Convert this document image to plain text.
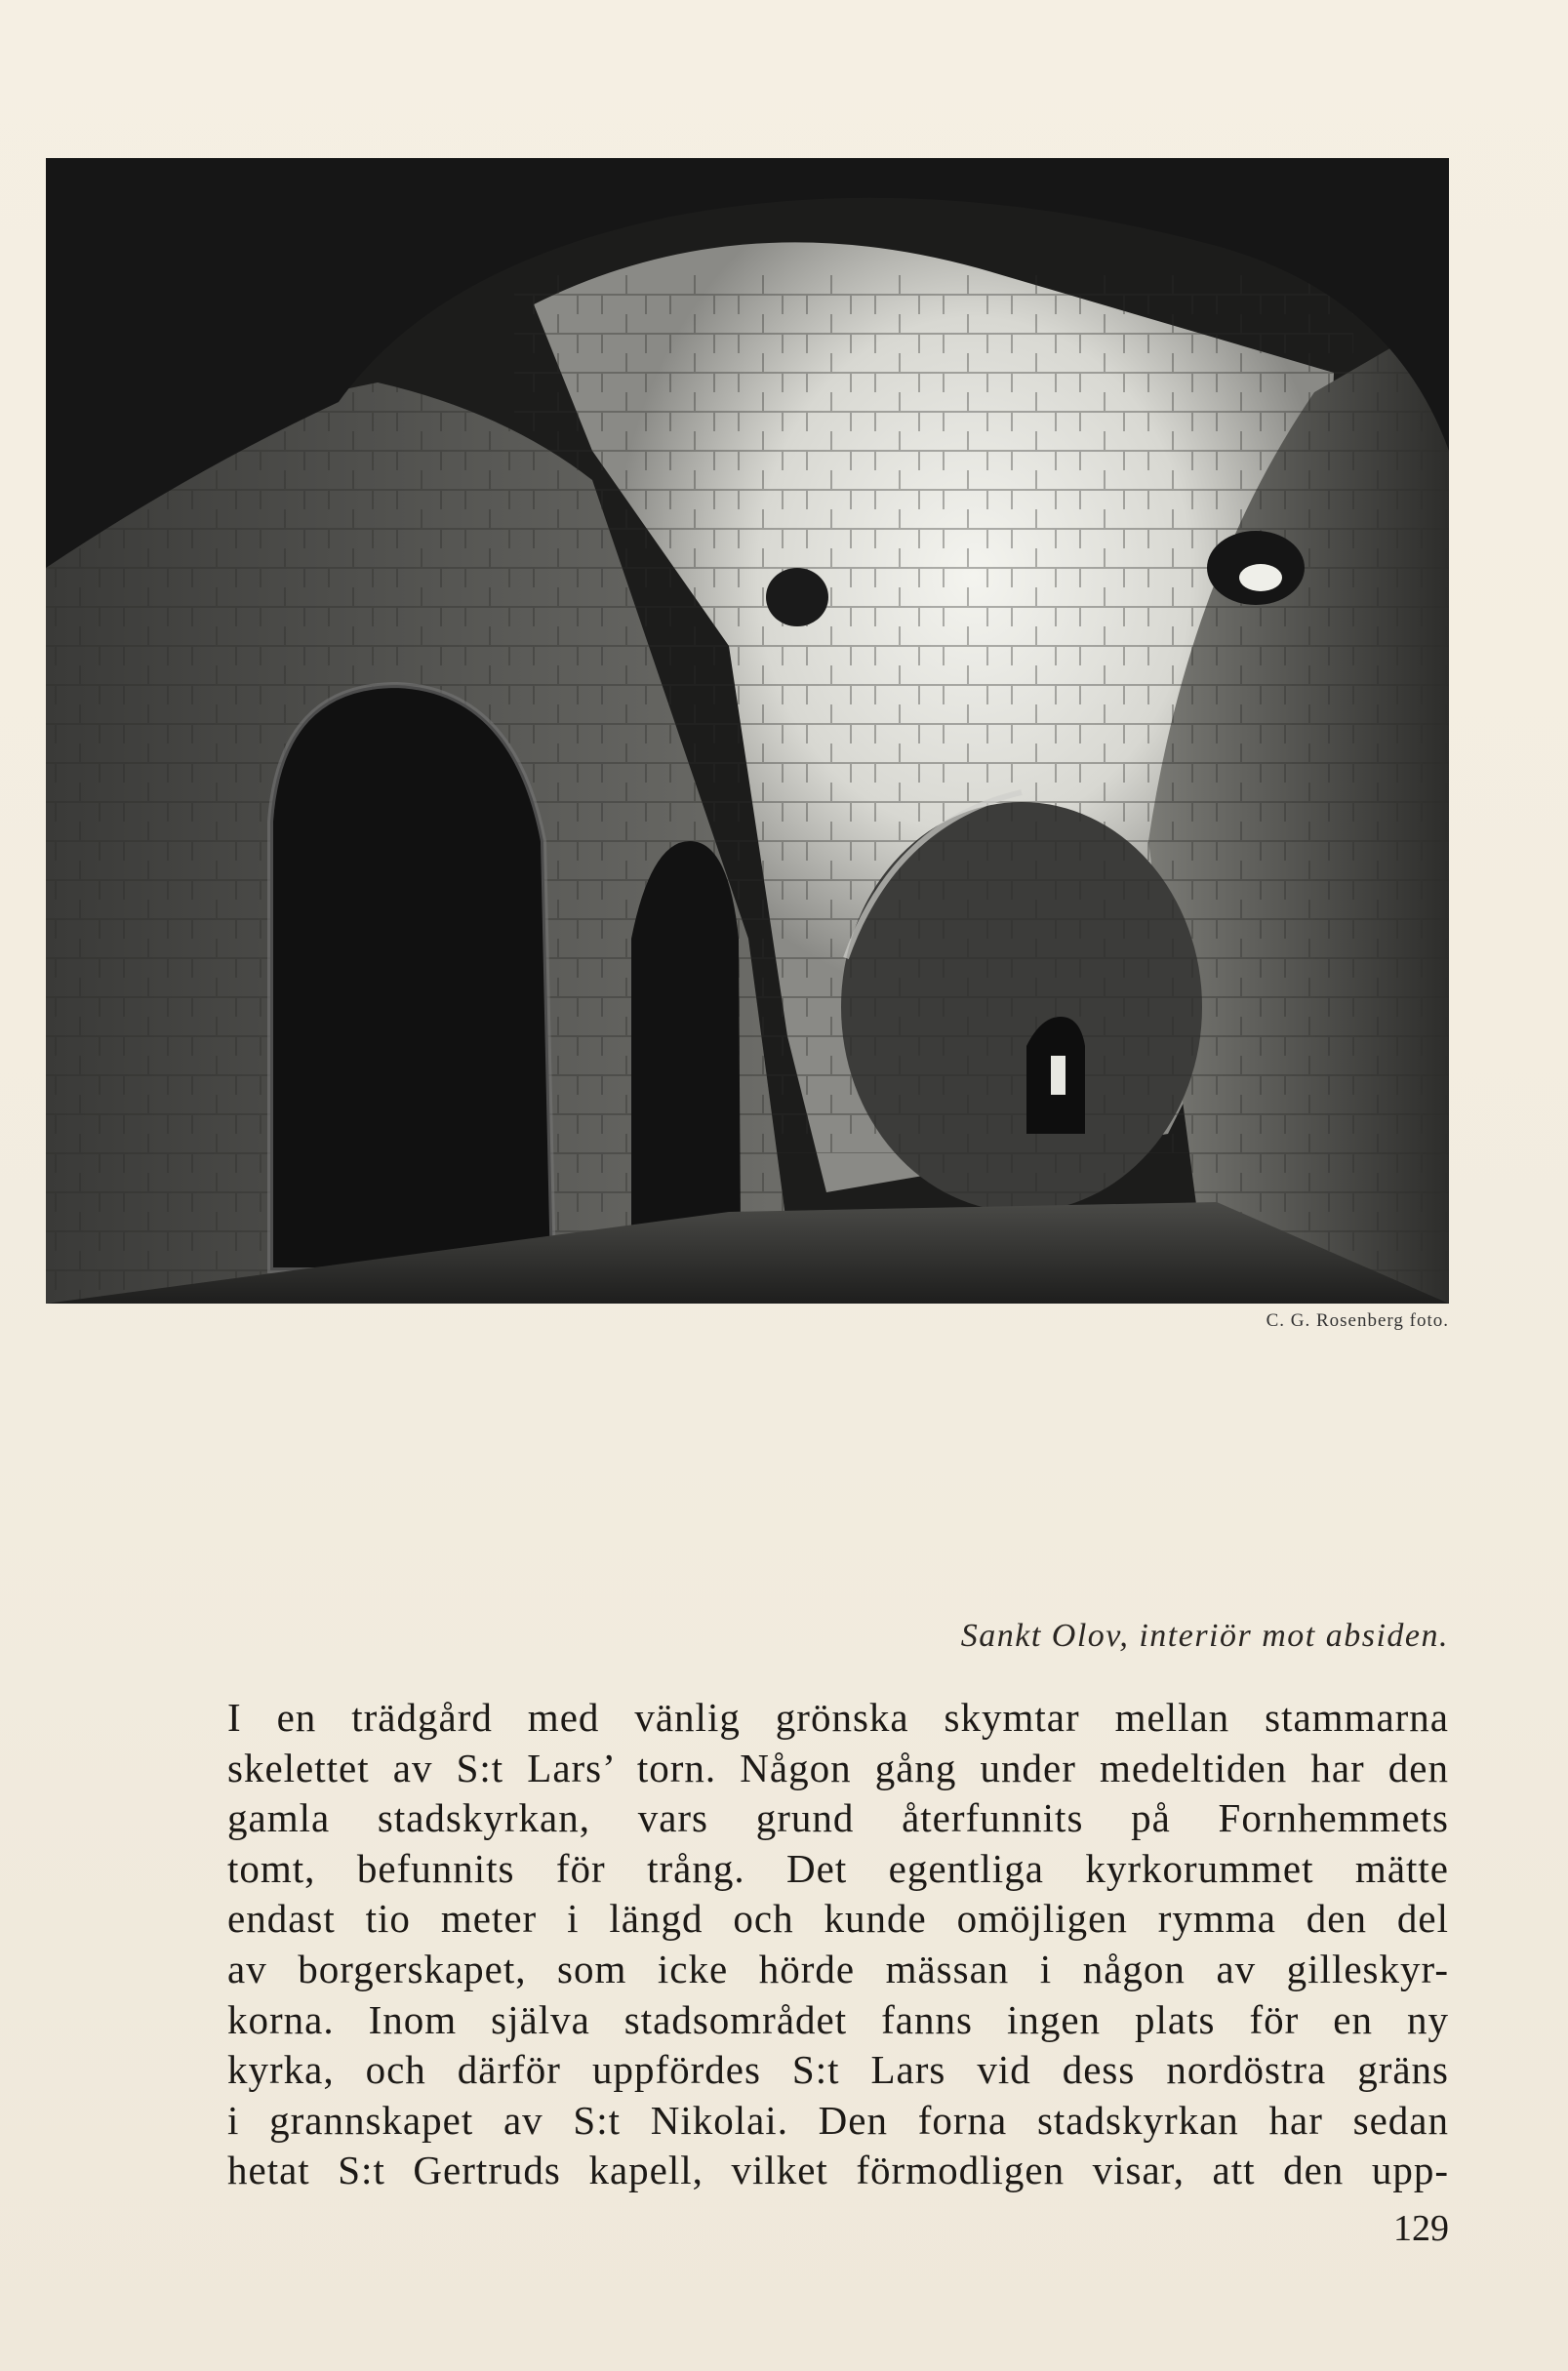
C. G. Rosenberg foto.
Sankt Olov, interiör mot absiden.
I en trädgård med vänlig grönska skymtar mellan stammarna
skelettet av S:t Lars’ torn. Någon gång under medeltiden har den
gamla stadskyrkan, vars grund återfunnits på Fornhemmets
tomt, befunnits för trång. Det egentliga kyrkorummet mätte
endast tio meter i längd och kunde omöjligen rymma den del
av borgerskapet, som icke hörde mässan i någon av gilleskyr-
korna. Inom själva stadsområdet fanns ingen plats för en ny
kyrka, och därför uppfördes S:t Lars vid dess nordöstra gräns
i grannskapet av S:t Nikolai. Den forna stadskyrkan har sedan
hetat S:t Gertruds kapell, vilket förmodligen visar, att den upp-
129
